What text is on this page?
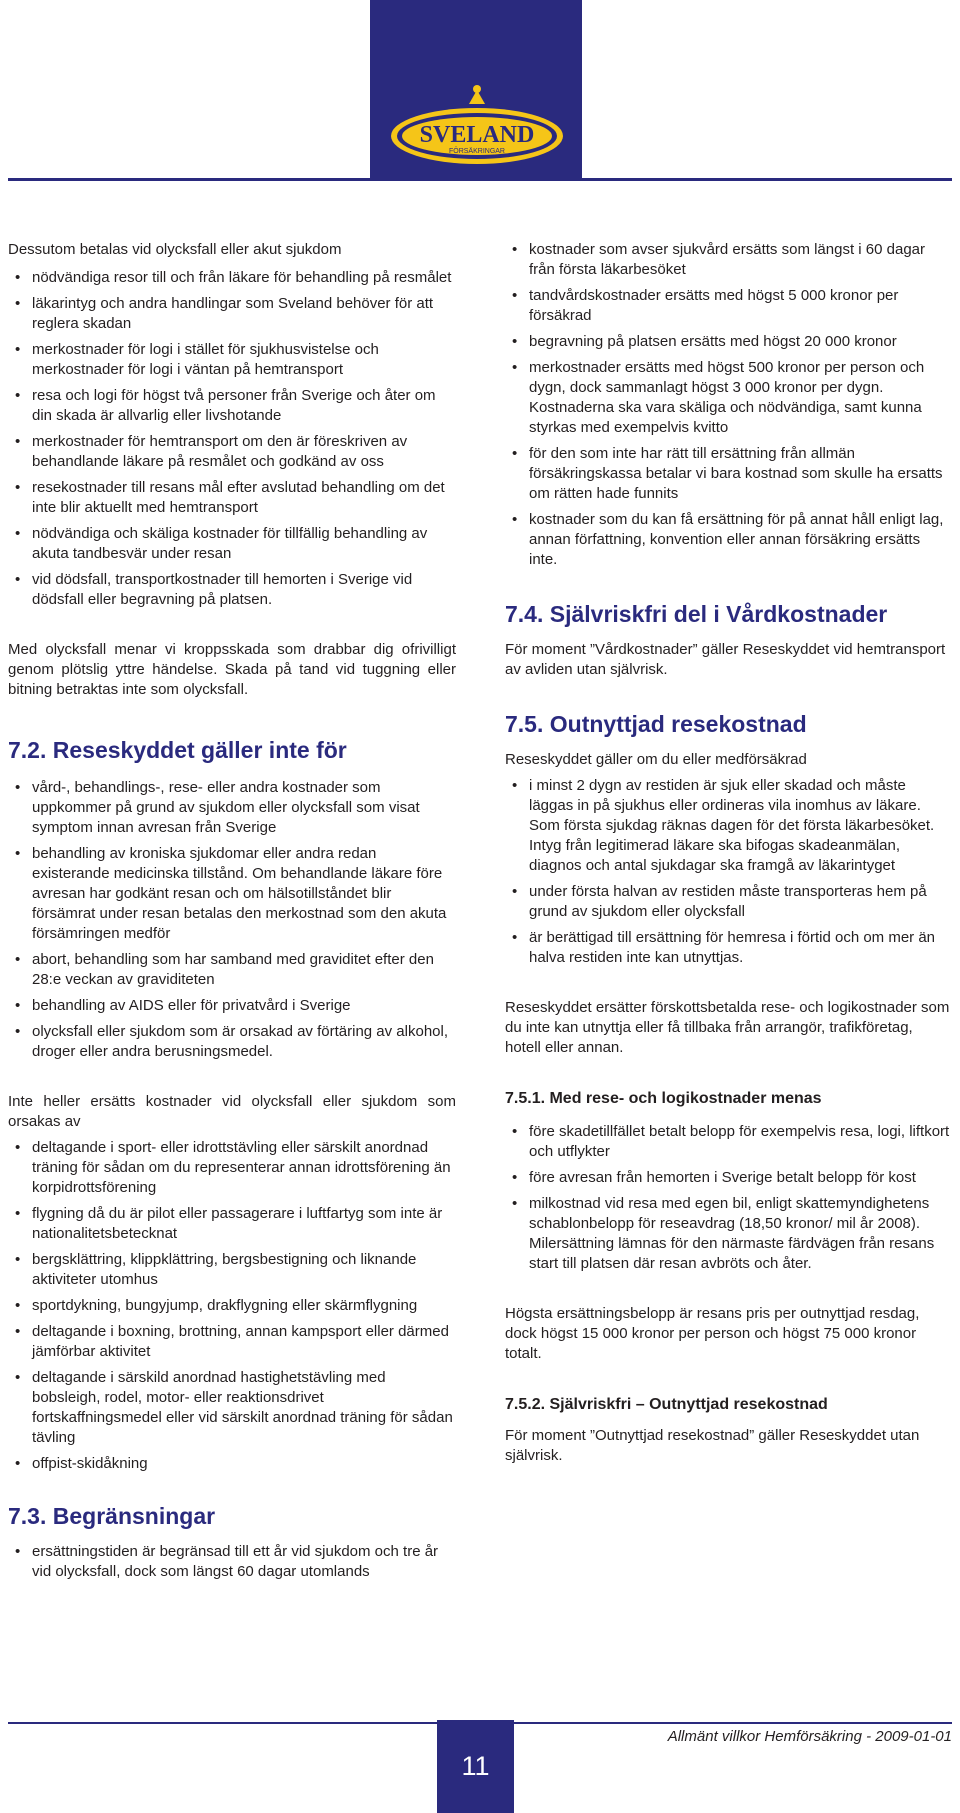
SVELAND
FÖRSÄKRINGAR

Dessutom betalas vid olycksfall eller akut sjukdom

• nödvändiga resor till och från läkare för behandling på resmålet
• läkarintyg och andra handlingar som Sveland behöver för att reglera skadan
• merkostnader för logi i stället för sjukhusvistelse och merkostnader för logi i väntan på hemtransport
• resa och logi för högst två personer från Sverige och åter om din skada är allvarlig eller livshotande
• merkostnader för hemtransport om den är föreskriven av behandlande läkare på resmålet och godkänd av oss
• resekostnader till resans mål efter avslutad behandling om det inte blir aktuellt med hemtransport
• nödvändiga och skäliga kostnader för tillfällig behandling av akuta tandbesvär under resan
• vid dödsfall, transportkostnader till hemorten i Sverige vid dödsfall eller begravning på platsen.

Med olycksfall menar vi kroppsskada som drabbar dig ofrivilligt genom plötslig yttre händelse. Skada på tand vid tuggning eller bitning betraktas inte som olycksfall.

7.2. Reseskyddet gäller inte för
• vård-, behandlings-, rese- eller andra kostnader som uppkommer på grund av sjukdom eller olycksfall som visat symptom innan avresan från Sverige
• behandling av kroniska sjukdomar eller andra redan existerande medicinska tillstånd. Om behandlande läkare före avresan har godkänt resan och om hälsotillståndet blir försämrat under resan betalas den merkostnad som den akuta försämringen medför
• abort, behandling som har samband med graviditet efter den 28:e veckan av graviditeten
• behandling av AIDS eller för privatvård i Sverige
• olycksfall eller sjukdom som är orsakad av förtäring av alkohol, droger eller andra berusningsmedel.

Inte heller ersätts kostnader vid olycksfall eller sjukdom som orsakas av

• deltagande i sport- eller idrottstävling eller särskilt anordnad träning för sådan om du representerar annan idrottsförening än korpidrottsförening
• flygning då du är pilot eller passagerare i luftfartyg som inte är nationalitetsbetecknat
• bergsklättring, klippklättring, bergsbestigning och liknande aktiviteter utomhus
• sportdykning, bungyjump, drakflygning eller skärmflygning
• deltagande i boxning, brottning, annan kampsport eller därmed jämförbar aktivitet
• deltagande i särskild anordnad hastighetstävling med bobsleigh, rodel, motor- eller reaktionsdrivet fortskaffningsmedel eller vid särskilt anordnad träning för sådan tävling
• offpist-skidåkning
7.3. Begränsningar
• ersättningstiden är begränsad till ett år vid sjukdom och tre år vid olycksfall, dock som längst 60 dagar utomlands
• kostnader som avser sjukvård ersätts som längst i 60 dagar från första läkarbesöket
• tandvårdskostnader ersätts med högst 5 000 kronor per försäkrad
• begravning på platsen ersätts med högst 20 000 kronor
• merkostnader ersätts med högst 500 kronor per person och dygn, dock sammanlagt högst 3 000 kronor per dygn. Kostnaderna ska vara skäliga och nödvändiga, samt kunna styrkas med exempelvis kvitto
• för den som inte har rätt till ersättning från allmän försäkringskassa betalar vi bara kostnad som skulle ha ersatts om rätten hade funnits
• kostnader som du kan få ersättning för på annat håll enligt lag, annan författning, konvention eller annan försäkring ersätts inte.
7.4. Självriskfri del i Vårdkostnader

För moment ”Vårdkostnader” gäller Reseskyddet vid hemtransport av avliden utan självrisk.

7.5. Outnyttjad resekostnad

Reseskyddet gäller om du eller medförsäkrad

• i minst 2 dygn av restiden är sjuk eller skadad och måste läggas in på sjukhus eller ordineras vila inomhus av läkare. Som första sjukdag räknas dagen för det första läkarbesöket. Intyg från legitimerad läkare ska bifogas skadeanmälan, diagnos och antal sjukdagar ska framgå av läkarintyget
• under första halvan av restiden måste transporteras hem på grund av sjukdom eller olycksfall
• är berättigad till ersättning för hemresa i förtid och om mer än halva restiden inte kan utnyttjas.

Reseskyddet ersätter förskottsbetalda rese- och logikostnader som du inte kan utnyttja eller få tillbaka från arrangör, trafikföretag, hotell eller annan.

7.5.1. Med rese- och logikostnader menas
• före skadetillfället betalt belopp för exempelvis resa, logi, liftkort och utflykter
• före avresan från hemorten i Sverige betalt belopp för kost
• milkostnad vid resa med egen bil, enligt skattemyndighetens schablonbelopp för reseavdrag (18,50 kronor/ mil år 2008). Milersättning lämnas för den närmaste färdvägen från resans start till platsen där resan avbröts och åter.

Högsta ersättningsbelopp är resans pris per outnyttjad resdag, dock högst 15 000 kronor per person och högst 75 000 kronor totalt.

7.5.2. Självriskfri – Outnyttjad resekostnad

För moment ”Outnyttjad resekostnad” gäller Reseskyddet utan självrisk.

11
Allmänt villkor Hemförsäkring - 2009-01-01
